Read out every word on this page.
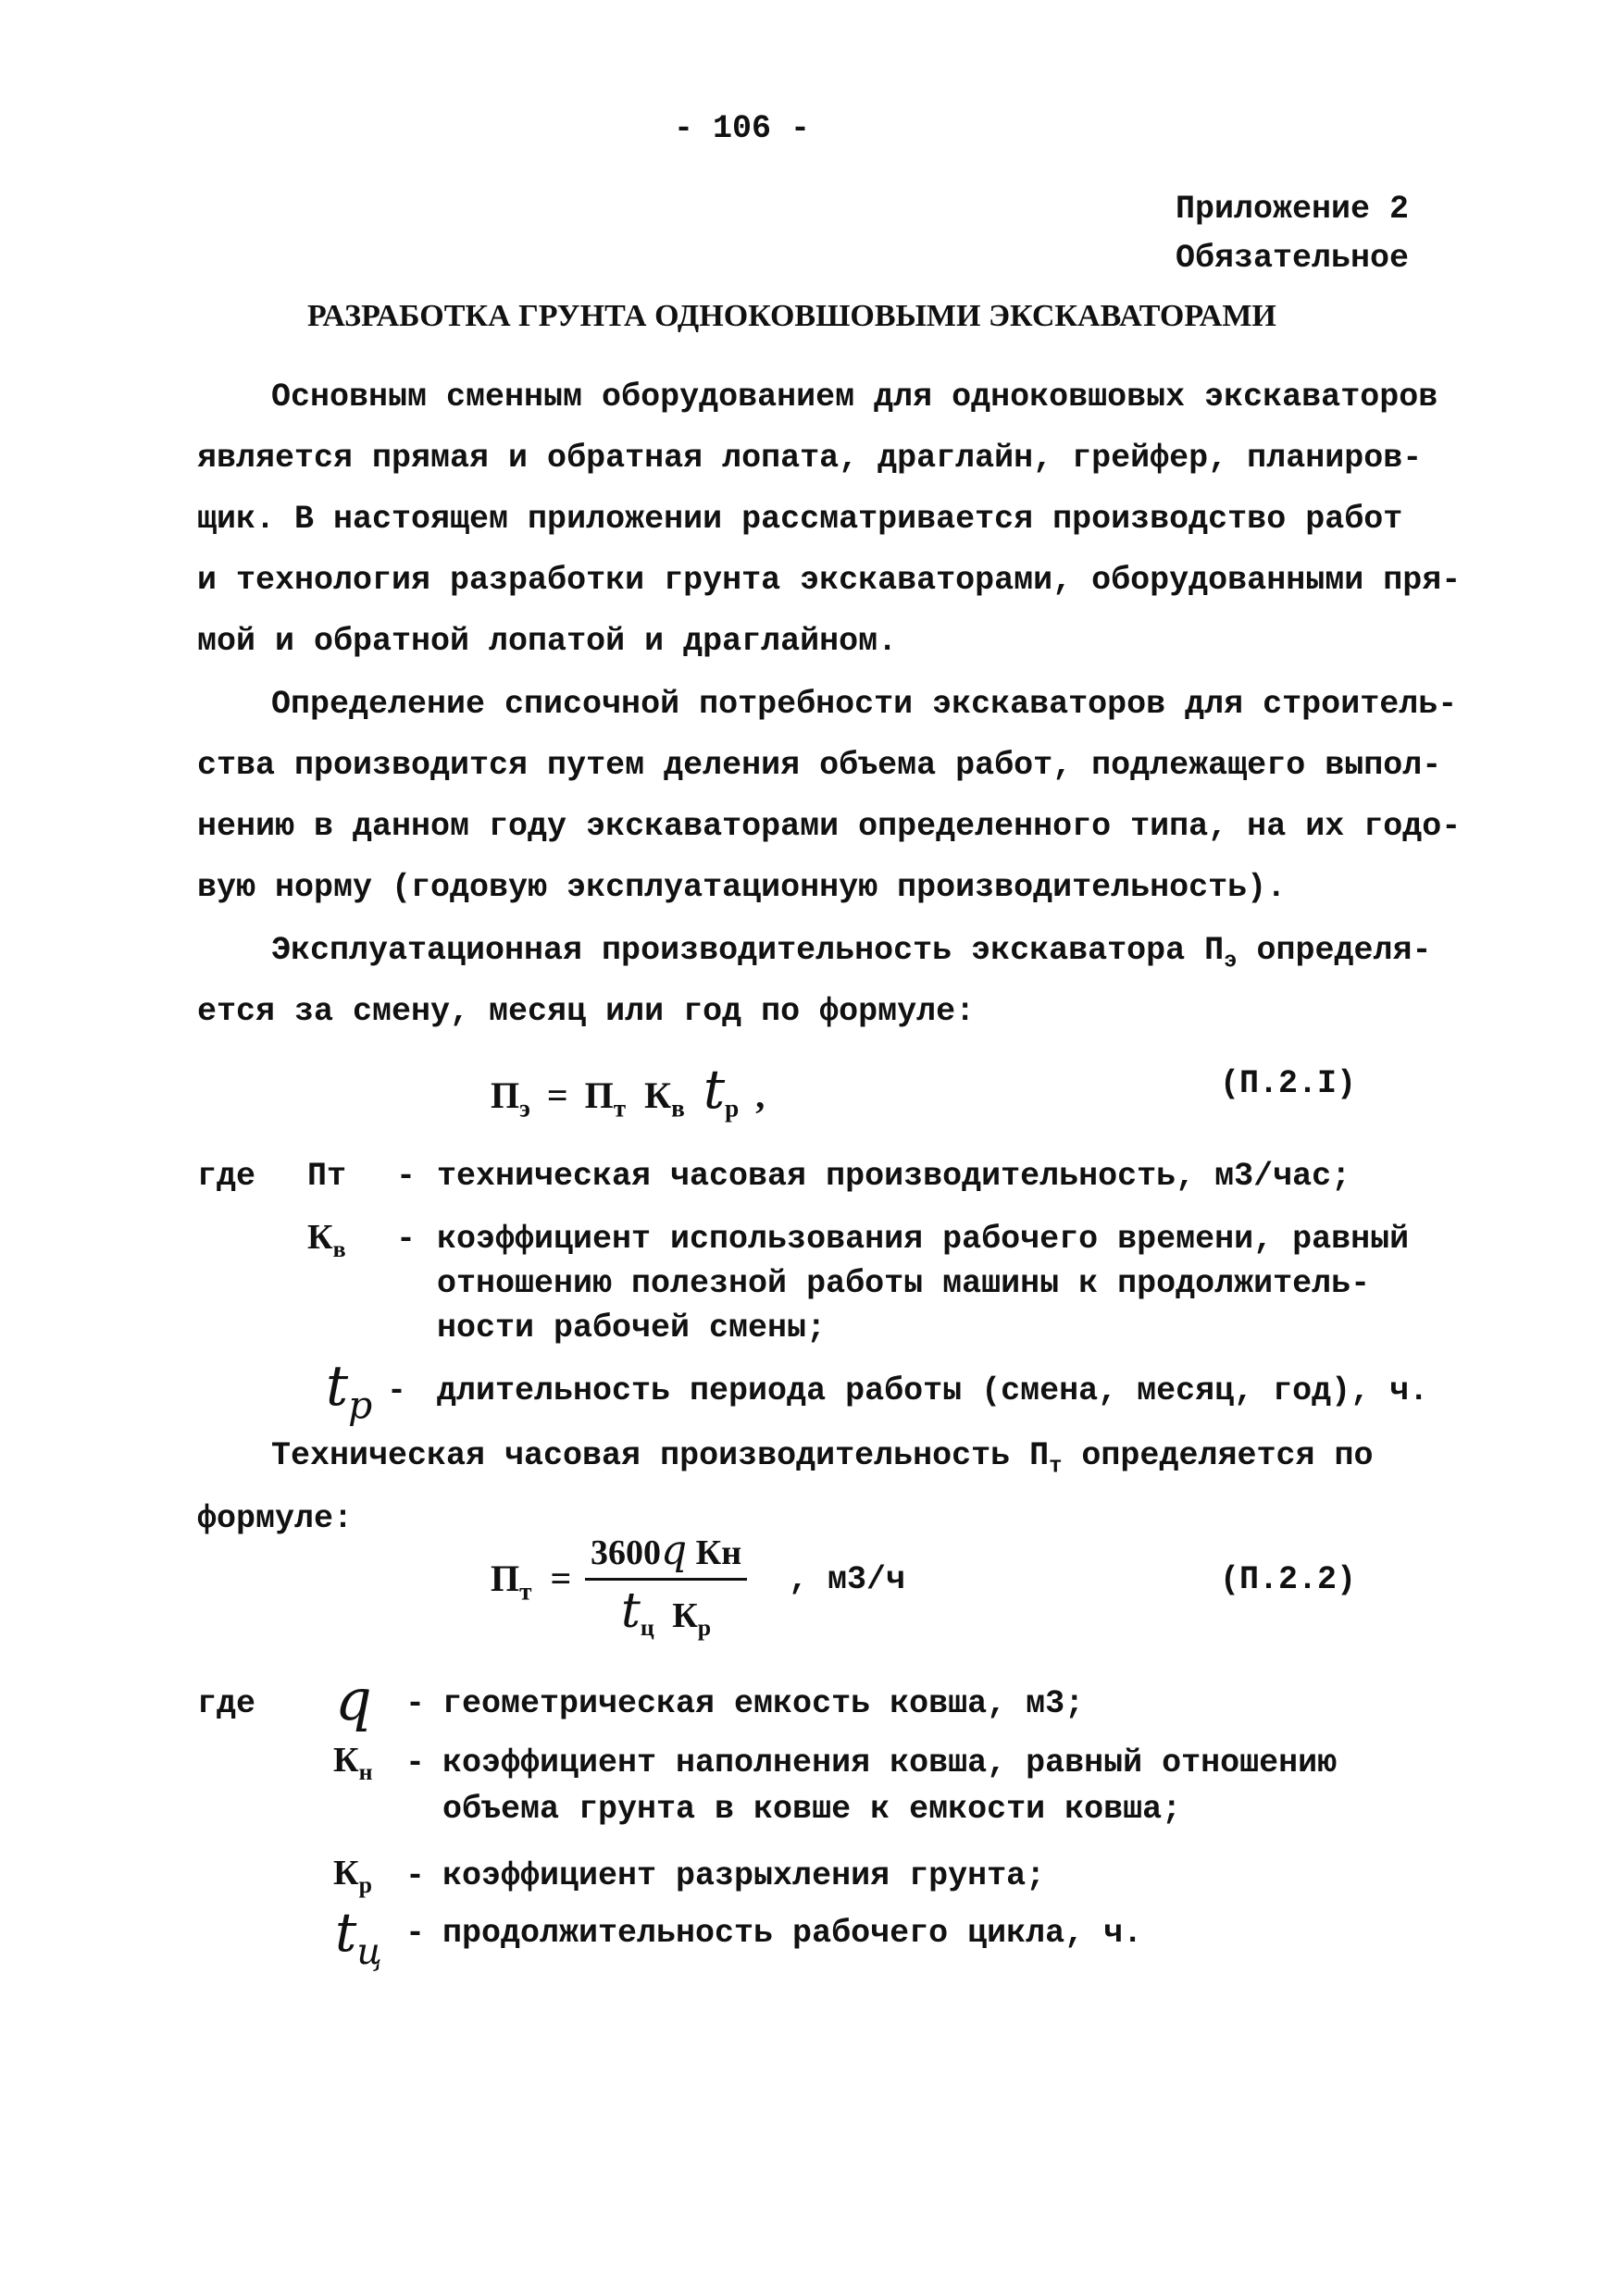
- 106 -
Приложение 2
Обязательное
РАЗРАБОТКА ГРУНТА ОДНОКОВШОВЫМИ ЭКСКАВАТОРАМИ
Основным сменным оборудованием для одноковшовых экскаваторов
является прямая и обратная лопата, драглайн, грейфер, планиров-
щик. В настоящем приложении рассматривается производство работ
и технология разработки грунта экскаваторами, оборудованными пря-
мой и обратной лопатой и драглайном.
Определение списочной потребности экскаваторов для строитель-
ства производится путем деления объема работ, подлежащего выпол-
нению в данном году экскаваторами определенного типа, на их годо-
вую норму (годовую эксплуатационную производительность).
Эксплуатационная производительность экскаватора $П_э$ определя-
ется за смену, месяц или год по формуле:
$П_э = П_т$ $К_в$ $t_р$ ,	(П.2.I)
где Пт - техническая часовая производительность, м3/час;
$К_в$ - коэффициент использования рабочего времени, равный
отношению полезной работы машины к продолжитель-
ности рабочей смены;
$t_р$ - длительность периода работы (смена, месяц, год), ч.
Техническая часовая производительность $П_т$ определяется по
формуле:
$П_т$ =
3600q Кн
$t_ц$ $К_р$
, м3/ч	(П.2.2)
где q - геометрическая емкость ковша, м3;
$К_н$ - коэффициент наполнения ковша, равный отношению
объема грунта в ковше к емкости ковша;
$К_р$ - коэффициент разрыхления грунта;
$t_ц$ - продолжительность рабочего цикла, ч.
